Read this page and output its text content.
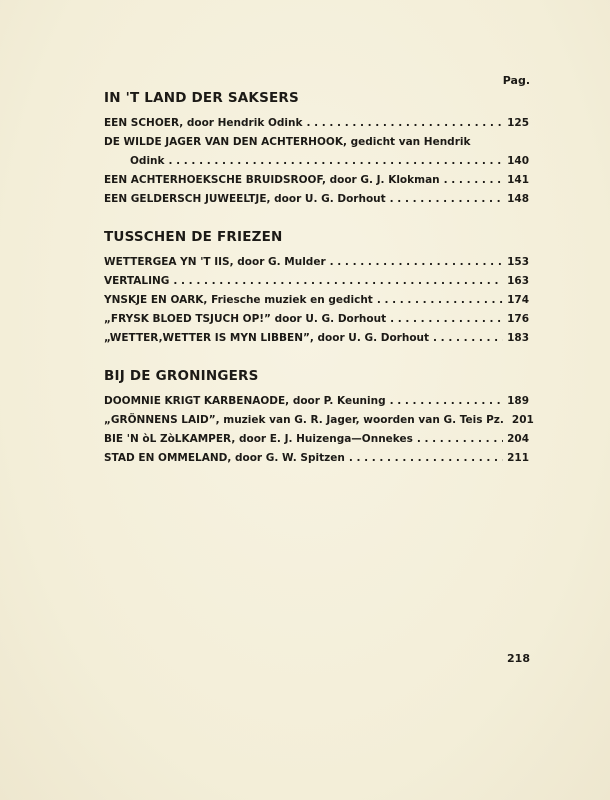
Pag.
IN 'T LAND DER SAKSERS
EEN SCHOER, door Hendrik Odink . . .	125
DE WILDE JAGER VAN DEN ACHTERHOOK, gedicht van Hendrik
Odink . . .	140
EEN ACHTERHOEKSCHE BRUIDSROOF, door G. J. Klokman . . .	141
EEN GELDERSCH JUWEELTJE, door U. G. Dorhout . . .	148
TUSSCHEN DE FRIEZEN
WETTERGEA YN 'T IIS, door G. Mulder . . .	153
VERTALING . . .	163
YNSKJE EN OARK, Friesche muziek en gedicht . . .	174
„FRYSK BLOED TSJUCH OP!” door U. G. Dorhout . . .	176
„WETTER,WETTER IS MYN LIBBEN”, door U. G. Dorhout . . .	183
BIJ DE GRONINGERS
DOOMNIE KRIGT KARBENAODE, door P. Keuning . . .	189
„GRÖNNENS LAID”, muziek van G. R. Jager, woorden van G. Teis Pz. 201
BIE 'N òL ZòLKAMPER, door E. J. Huizenga—Onnekes . . .	204
STAD EN OMMELAND, door G. W. Spitzen . . .	211
218
